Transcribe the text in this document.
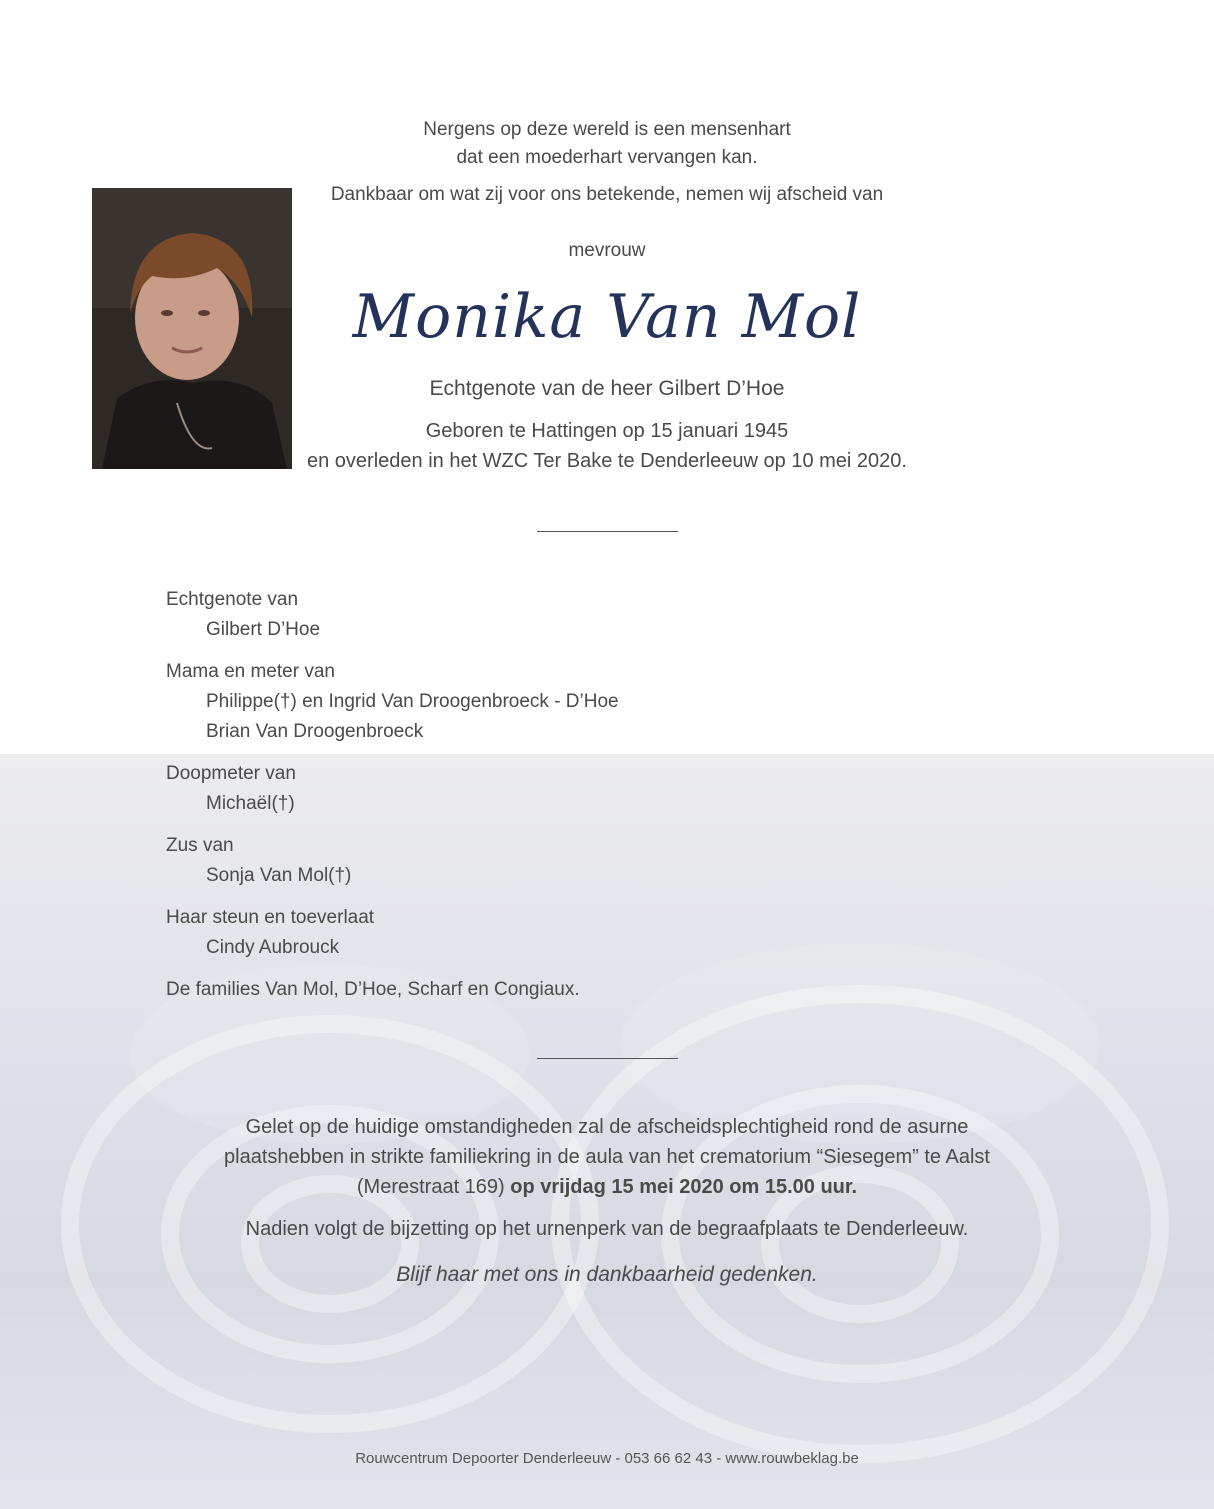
Nergens op deze wereld is een mensenhart
dat een moederhart vervangen kan.
Dankbaar om wat zij voor ons betekende, nemen wij afscheid van
mevrouw
Monika Van Mol
Echtgenote van de heer Gilbert D’Hoe
Geboren te Hattingen op 15 januari 1945
en overleden in het WZC Ter Bake te Denderleeuw op 10 mei 2020.
Echtgenote van
Gilbert D’Hoe
Mama en meter van
Philippe(†) en Ingrid Van Droogenbroeck - D’Hoe
Brian Van Droogenbroeck
Doopmeter van
Michaël(†)
Zus van
Sonja Van Mol(†)
Haar steun en toeverlaat
Cindy Aubrouck
De families Van Mol, D’Hoe, Scharf en Congiaux.
Gelet op de huidige omstandigheden zal de afscheidsplechtigheid rond de asurne
plaatshebben in strikte familiekring in de aula van het crematorium “Siesegem” te Aalst
(Merestraat 169) op vrijdag 15 mei 2020 om 15.00 uur.
Nadien volgt de bijzetting op het urnenperk van de begraafplaats te Denderleeuw.
Blijf haar met ons in dankbaarheid gedenken.
Rouwcentrum Depoorter Denderleeuw - 053 66 62 43 - www.rouwbeklag.be
